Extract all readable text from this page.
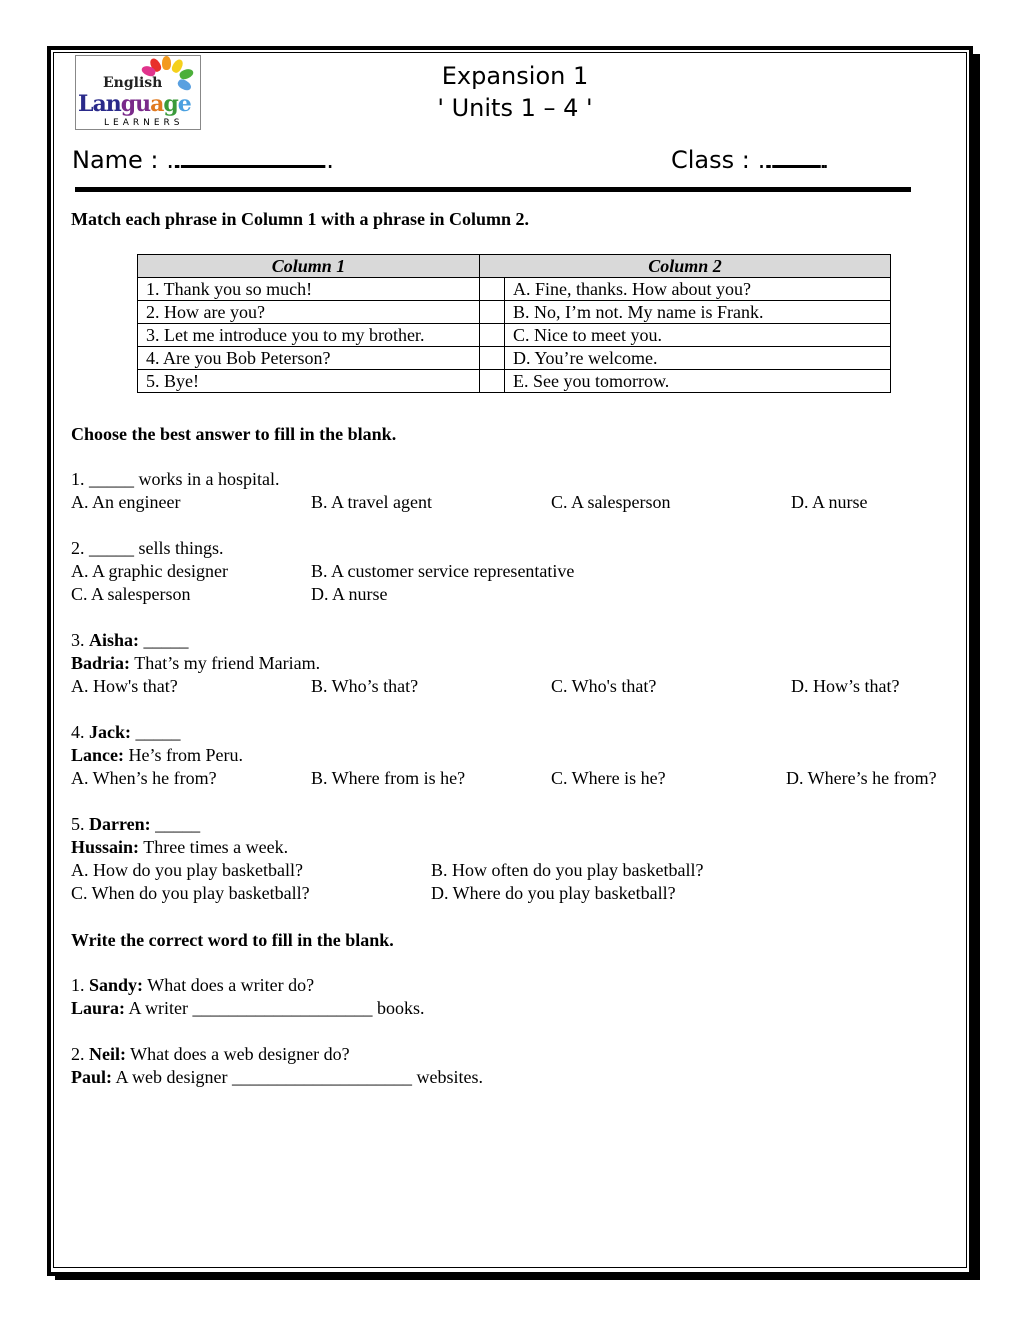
English
Language
LEARNERS
Expansion 1
' Units 1 – 4 '
Name : ………………………………………………………………….	Class : ………………………..
Match each phrase in Column 1 with a phrase in Column 2.
Column 1	Column 2	
1. Thank you so much!		A. Fine, thanks. How about you?
2. How are you?		B. No, I’m not. My name is Frank.
3. Let me introduce you to my brother.		C. Nice to meet you.
4. Are you Bob Peterson?		D. You’re welcome.
5. Bye!		E. See you tomorrow.
Choose the best answer to fill in the blank.
1. _____ works in a hospital.
A. An engineer	B. A travel agent	C. A salesperson	D. A nurse
2. _____ sells things.
A. A graphic designer	B. A customer service representative
C. A salesperson	D. A nurse
3. Aisha: _____
Badria: That’s my friend Mariam.
A. How's that?	B. Who’s that?	C. Who's that?	D. How’s that?
4. Jack: _____
Lance: He’s from Peru.
A. When’s he from?	B. Where from is he?	C. Where is he?	D. Where’s he from?
5. Darren: _____
Hussain: Three times a week.
A. How do you play basketball?	B. How often do you play basketball?
C. When do you play basketball?	D. Where do you play basketball?
Write the correct word to fill in the blank.
1. Sandy: What does a writer do?
Laura: A writer ____________________ books.
2. Neil: What does a web designer do?
Paul: A web designer ____________________ websites.
